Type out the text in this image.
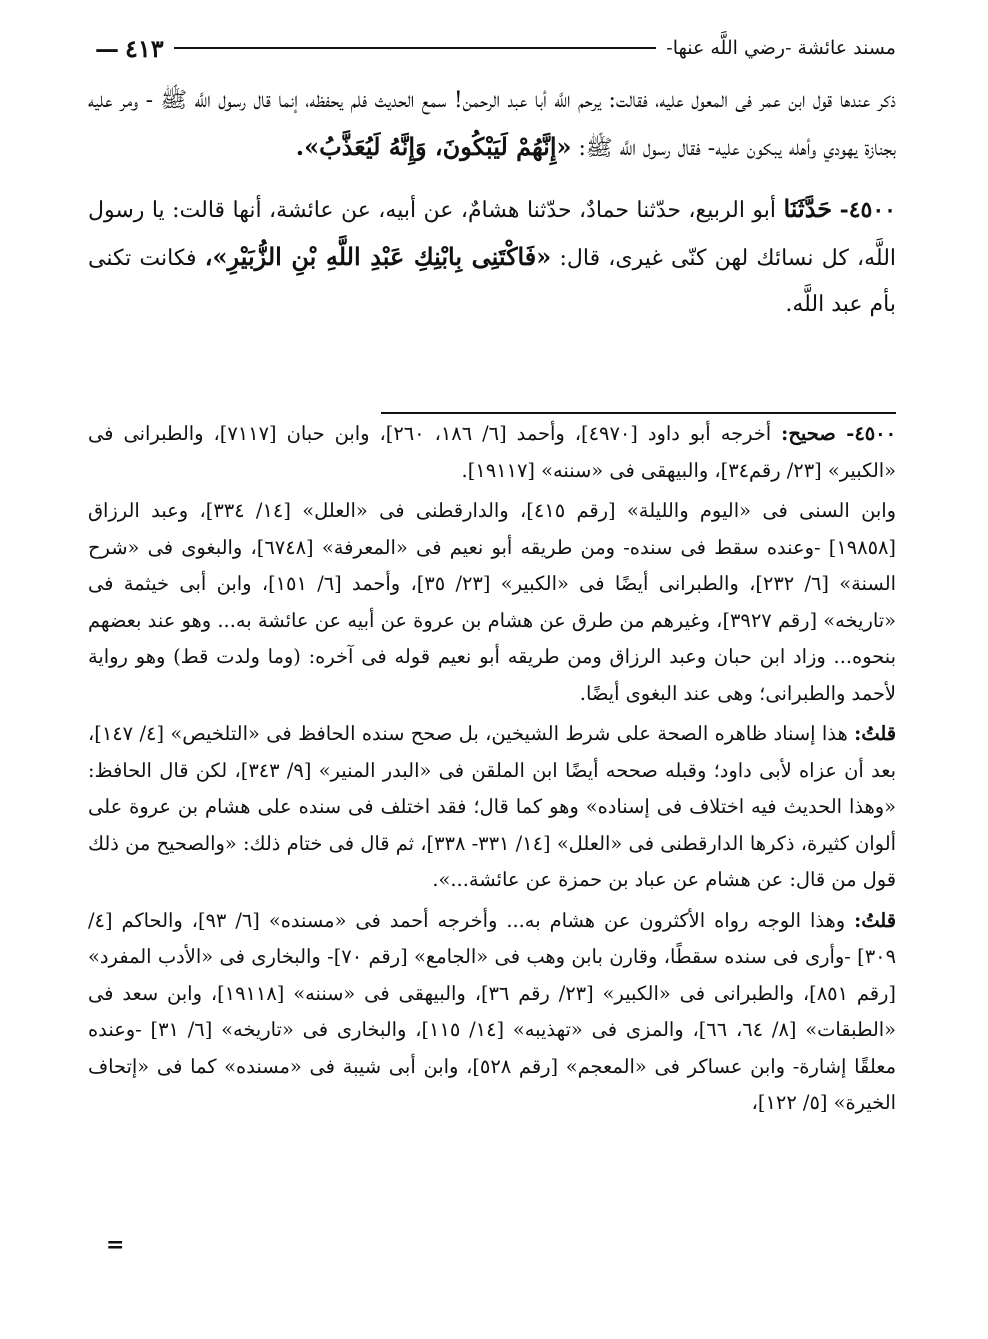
مسند عائشة -رضي اللَّه عنها-
٤١٣
—

ذكر عندها قول ابن عمر فى المعول عليه، فقالت: يرحم اللَّه أبا عبد الرحمن! سمع الحديث فلم يحفظه، إنما قال رسول اللَّه ﷺ - ومر عليه بجنازة يهودي وأهله يبكون عليه- فقال رسول اللَّه ﷺ: «إِنَّهُمْ لَيَبْكُونَ، وَإِنَّهُ لَيُعَذَّبُ».

٤٥٠٠- حَدَّثَنَا أبو الربيع، حدّثنا حمادٌ، حدّثنا هشامٌ، عن أبيه، عن عائشة، أنها قالت: يا رسول اللَّه، كل نسائك لهن كنّى غيرى، قال: «فَاكْتَنِى بِابْنِكِ عَبْدِ اللَّهِ بْنِ الزُّبَيْرِ»، فكانت تكنى بأم عبد اللَّه.

٤٥٠٠- صحيح: أخرجه أبو داود [٤٩٧٠]، وأحمد [٦/ ١٨٦، ٢٦٠]، وابن حبان [٧١١٧]، والطبرانى فى «الكبير» [٢٣/ رقم٣٤]، والبيهقى فى «سننه» [١٩١١٧].

وابن السنى فى «اليوم والليلة» [رقم ٤١٥]، والدارقطنى فى «العلل» [١٤/ ٣٣٤]، وعبد الرزاق [١٩٨٥٨] -وعنده سقط فى سنده- ومن طريقه أبو نعيم فى «المعرفة» [٦٧٤٨]، والبغوى فى «شرح السنة» [٦/ ٢٣٢]، والطبرانى أيضًا فى «الكبير» [٢٣/ ٣٥]، وأحمد [٦/ ١٥١]، وابن أبى خيثمة فى «تاريخه» [رقم ٣٩٢٧]، وغيرهم من طرق عن هشام بن عروة عن أبيه عن عائشة به... وهو عند بعضهم بنحوه... وزاد ابن حبان وعبد الرزاق ومن طريقه أبو نعيم قوله فى آخره: (وما ولدت قط) وهو رواية لأحمد والطبرانى؛ وهى عند البغوى أيضًا.

قلتُ: هذا إسناد ظاهره الصحة على شرط الشيخين، بل صحح سنده الحافظ فى «التلخيص» [٤/ ١٤٧]، بعد أن عزاه لأبى داود؛ وقبله صححه أيضًا ابن الملقن فى «البدر المنير» [٩/ ٣٤٣]، لكن قال الحافظ: «وهذا الحديث فيه اختلاف فى إسناده» وهو كما قال؛ فقد اختلف فى سنده على هشام بن عروة على ألوان كثيرة، ذكرها الدارقطنى فى «العلل» [١٤/ ٣٣١- ٣٣٨]، ثم قال فى ختام ذلك: «والصحيح من ذلك قول من قال: عن هشام عن عباد بن حمزة عن عائشة...».

قلتُ: وهذا الوجه رواه الأكثرون عن هشام به... وأخرجه أحمد فى «مسنده» [٦/ ٩٣]، والحاكم [٤/ ٣٠٩] -وأرى فى سنده سقطًا، وقارن بابن وهب فى «الجامع» [رقم ٧٠]- والبخارى فى «الأدب المفرد» [رقم ٨٥١]، والطبرانى فى «الكبير» [٢٣/ رقم ٣٦]، والبيهقى فى «سننه» [١٩١١٨]، وابن سعد فى «الطبقات» [٨/ ٦٤، ٦٦]، والمزى فى «تهذيبه» [١٤/ ١١٥]، والبخارى فى «تاريخه» [٦/ ٣١] -وعنده معلقًا إشارة- وابن عساكر فى «المعجم» [رقم ٥٢٨]، وابن أبى شيبة فى «مسنده» كما فى «إتحاف الخيرة» [٥/ ١٢٢]،

=
